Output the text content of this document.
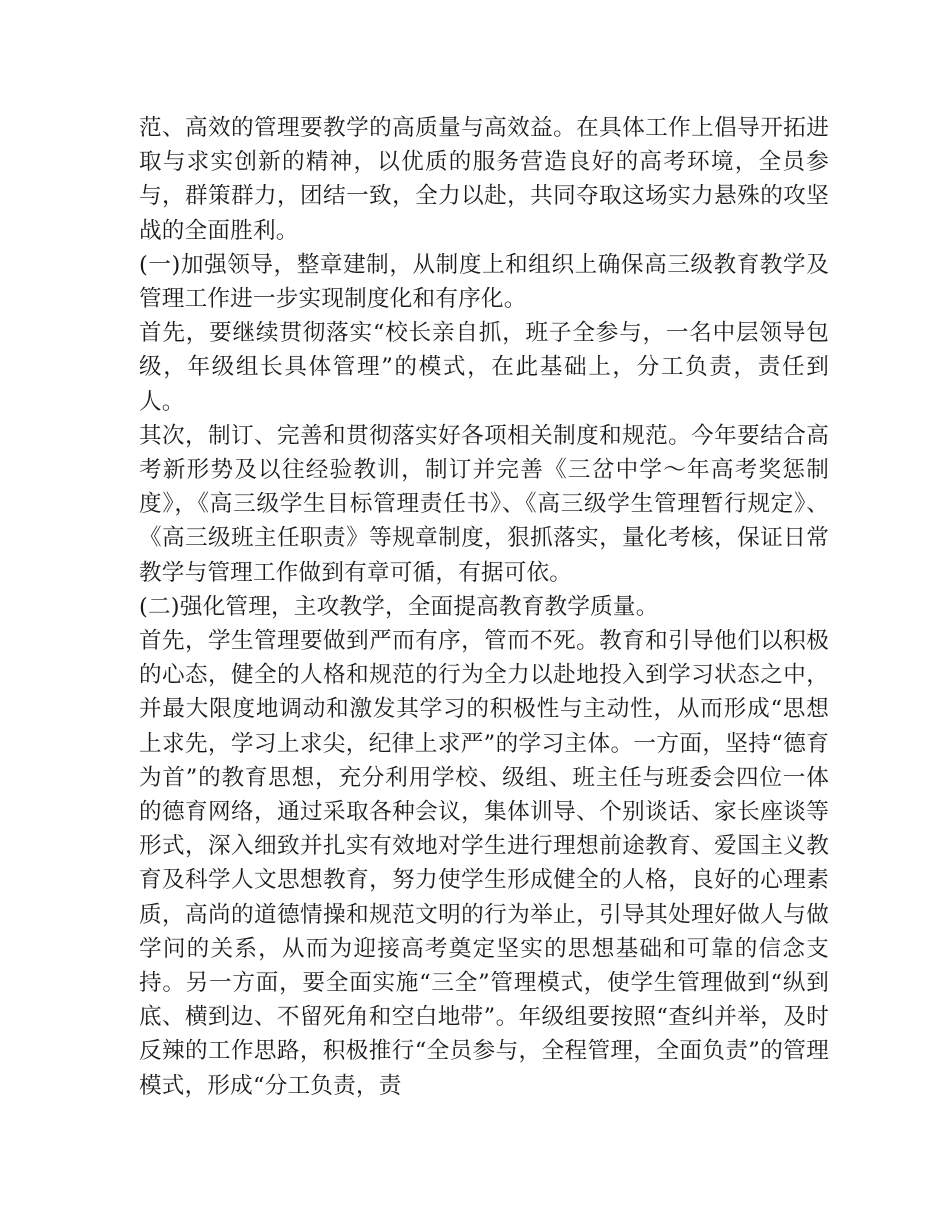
范、高效的管理要教学的高质量与高效益。在具体工作上倡导开拓进取与求实创新的精神，以优质的服务营造良好的高考环境，全员参与，群策群力，团结一致，全力以赴，共同夺取这场实力悬殊的攻坚战的全面胜利。

(一)加强领导，整章建制，从制度上和组织上确保高三级教育教学及管理工作进一步实现制度化和有序化。

首先，要继续贯彻落实“校长亲自抓，班子全参与，一名中层领导包级，年级组长具体管理”的模式，在此基础上，分工负责，责任到人。

其次，制订、完善和贯彻落实好各项相关制度和规范。今年要结合高考新形势及以往经验教训，制订并完善《三岔中学～年高考奖惩制度》，《高三级学生目标管理责任书》、《高三级学生管理暂行规定》、《高三级班主任职责》等规章制度，狠抓落实，量化考核，保证日常教学与管理工作做到有章可循，有据可依。

(二)强化管理，主攻教学，全面提高教育教学质量。

首先，学生管理要做到严而有序，管而不死。教育和引导他们以积极的心态，健全的人格和规范的行为全力以赴地投入到学习状态之中，并最大限度地调动和激发其学习的积极性与主动性，从而形成“思想上求先，学习上求尖，纪律上求严”的学习主体。一方面，坚持“德育为首”的教育思想，充分利用学校、级组、班主任与班委会四位一体的德育网络，通过采取各种会议，集体训导、个别谈话、家长座谈等形式，深入细致并扎实有效地对学生进行理想前途教育、爱国主义教育及科学人文思想教育，努力使学生形成健全的人格，良好的心理素质，高尚的道德情操和规范文明的行为举止，引导其处理好做人与做学问的关系，从而为迎接高考奠定坚实的思想基础和可靠的信念支持。另一方面，要全面实施“三全”管理模式，使学生管理做到“纵到底、横到边、不留死角和空白地带”。年级组要按照“查纠并举，及时反辣的工作思路，积极推行“全员参与，全程管理，全面负责”的管理模式，形成“分工负责，责
